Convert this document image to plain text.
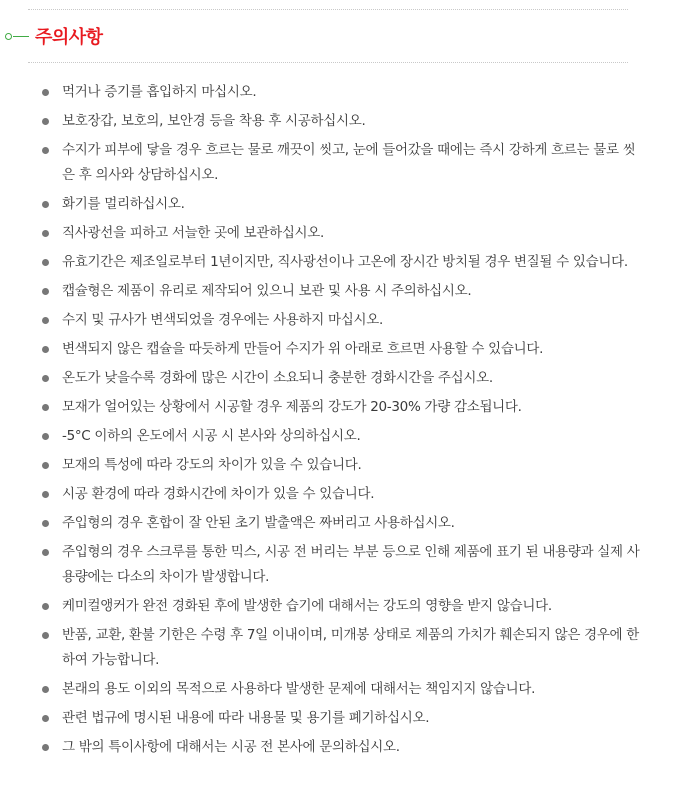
주의사항
먹거나 증기를 흡입하지 마십시오.
보호장갑, 보호의, 보안경 등을 착용 후 시공하십시오.
수지가 피부에 닿을 경우 흐르는 물로 깨끗이 씻고, 눈에 들어갔을 때에는 즉시 강하게 흐르는 물로 씻은 후 의사와 상담하십시오.
화기를 멀리하십시오.
직사광선을 피하고 서늘한 곳에 보관하십시오.
유효기간은 제조일로부터 1년이지만, 직사광선이나 고온에 장시간 방치될 경우 변질될 수 있습니다.
캡슐형은 제품이 유리로 제작되어 있으니 보관 및 사용 시 주의하십시오.
수지 및 규사가 변색되었을 경우에는 사용하지 마십시오.
변색되지 않은 캡슐을 따듯하게 만들어 수지가 위 아래로 흐르면 사용할 수 있습니다.
온도가 낮을수록 경화에 많은 시간이 소요되니 충분한 경화시간을 주십시오.
모재가 얼어있는 상황에서 시공할 경우 제품의 강도가 20-30% 가량 감소됩니다.
-5°C 이하의 온도에서 시공 시 본사와 상의하십시오.
모재의 특성에 따라 강도의 차이가 있을 수 있습니다.
시공 환경에 따라 경화시간에 차이가 있을 수 있습니다.
주입형의 경우 혼합이 잘 안된 초기 발출액은 짜버리고 사용하십시오.
주입형의 경우 스크루를 통한 믹스, 시공 전 버리는 부분 등으로 인해 제품에 표기 된 내용량과 실제 사용량에는 다소의 차이가 발생합니다.
케미컬앵커가 완전 경화된 후에 발생한 습기에 대해서는 강도의 영향을 받지 않습니다.
반품, 교환, 환불 기한은 수령 후 7일 이내이며, 미개봉 상태로 제품의 가치가 훼손되지 않은 경우에 한하여 가능합니다.
본래의 용도 이외의 목적으로 사용하다 발생한 문제에 대해서는 책임지지 않습니다.
관련 법규에 명시된 내용에 따라 내용물 및 용기를 폐기하십시오.
그 밖의 특이사항에 대해서는 시공 전 본사에 문의하십시오.
